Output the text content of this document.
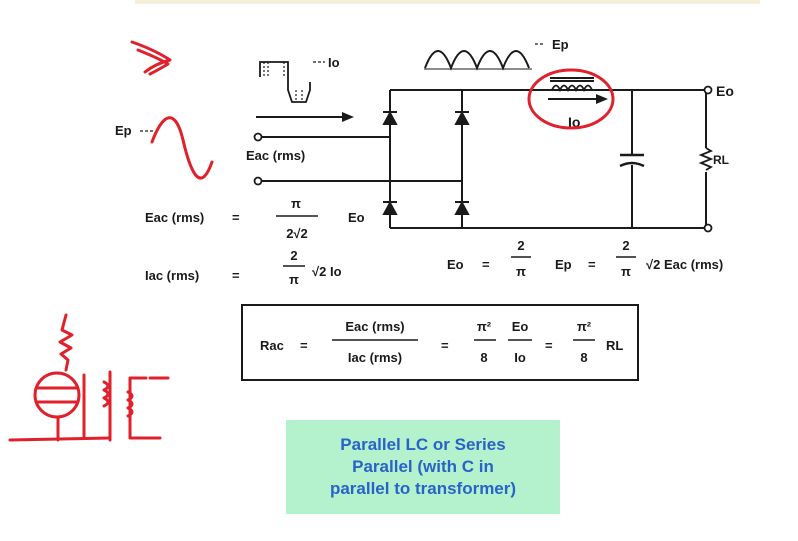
Ep
Io
Ep
Eac (rms)
Io
Eo
RL
Eac (rms) =
π
2√2
Eo
Iac (rms)	=
2
π
√2 Io	Eo =
2
π Ep =
2
π √2 Eac (rms)
Rac =
Eac (rms)
Iac (rms)
=
π²
8
Eo
Io
=
π²
8
RL
Parallel LC or Series
Parallel (with C in
parallel to transformer)
